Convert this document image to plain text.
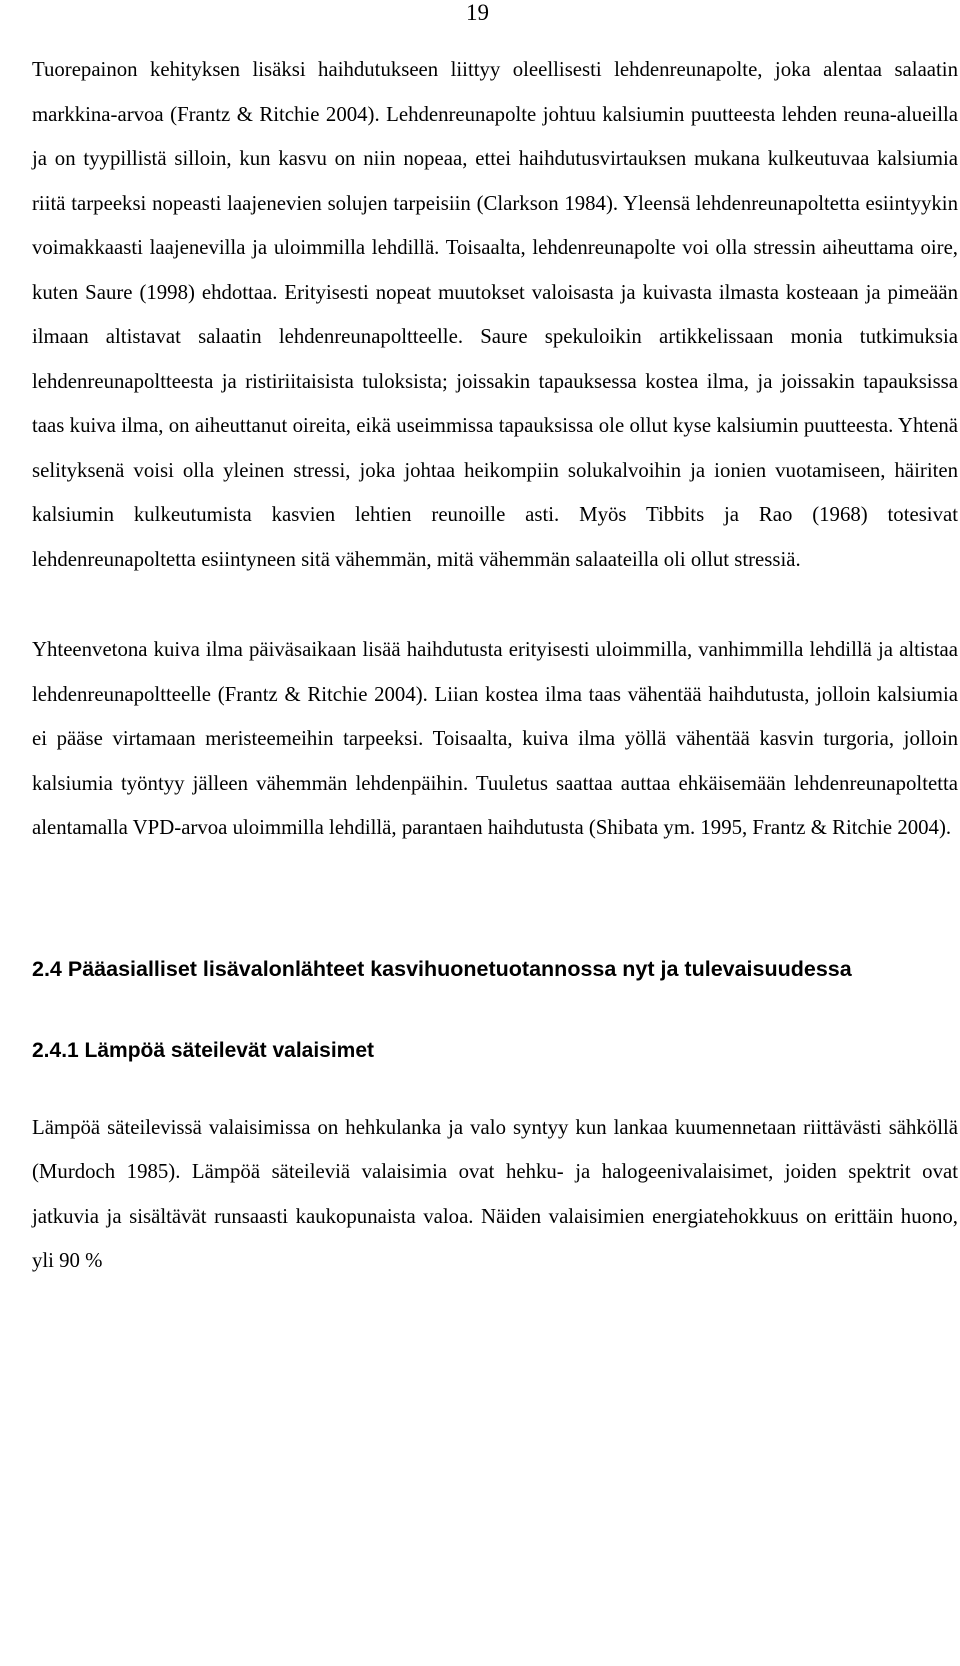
19

Tuorepainon kehityksen lisäksi haihdutukseen liittyy oleellisesti lehdenreunapolte, joka alentaa salaatin markkina-arvoa (Frantz & Ritchie 2004). Lehdenreunapolte johtuu kalsiumin puutteesta lehden reuna-alueilla ja on tyypillistä silloin, kun kasvu on niin nopeaa, ettei haihdutusvirtauksen mukana kulkeutuvaa kalsiumia riitä tarpeeksi nopeasti laajenevien solujen tarpeisiin (Clarkson 1984). Yleensä lehdenreunapoltetta esiintyykin voimakkaasti laajenevilla ja uloimmilla lehdillä. Toisaalta, lehdenreunapolte voi olla stressin aiheuttama oire, kuten Saure (1998) ehdottaa. Erityisesti nopeat muutokset valoisasta ja kuivasta ilmasta kosteaan ja pimeään ilmaan altistavat salaatin lehdenreunapoltteelle. Saure spekuloikin artikkelissaan monia tutkimuksia lehdenreunapoltteesta ja ristiriitaisista tuloksista; joissakin tapauksessa kostea ilma, ja joissakin tapauksissa taas kuiva ilma, on aiheuttanut oireita, eikä useimmissa tapauksissa ole ollut kyse kalsiumin puutteesta. Yhtenä selityksenä voisi olla yleinen stressi, joka johtaa heikompiin solukalvoihin ja ionien vuotamiseen, häiriten kalsiumin kulkeutumista kasvien lehtien reunoille asti. Myös Tibbits ja Rao (1968) totesivat lehdenreunapoltetta esiintyneen sitä vähemmän, mitä vähemmän salaateilla oli ollut stressiä.

Yhteenvetona kuiva ilma päiväsaikaan lisää haihdutusta erityisesti uloimmilla, vanhimmilla lehdillä ja altistaa lehdenreunapoltteelle (Frantz & Ritchie 2004). Liian kostea ilma taas vähentää haihdutusta, jolloin kalsiumia ei pääse virtamaan meristeemeihin tarpeeksi. Toisaalta, kuiva ilma yöllä vähentää kasvin turgoria, jolloin kalsiumia työntyy jälleen vähemmän lehdenpäihin. Tuuletus saattaa auttaa ehkäisemään lehdenreunapoltetta alentamalla VPD-arvoa uloimmilla lehdillä, parantaen haihdutusta (Shibata ym. 1995, Frantz & Ritchie 2004).

2.4 Pääasialliset lisävalonlähteet kasvihuonetuotannossa nyt ja tulevaisuudessa
2.4.1 Lämpöä säteilevät valaisimet

Lämpöä säteilevissä valaisimissa on hehkulanka ja valo syntyy kun lankaa kuumennetaan riittävästi sähköllä (Murdoch 1985). Lämpöä säteileviä valaisimia ovat hehku- ja halogeenivalaisimet, joiden spektrit ovat jatkuvia ja sisältävät runsaasti kaukopunaista valoa. Näiden valaisimien energiatehokkuus on erittäin huono, yli 90 %
